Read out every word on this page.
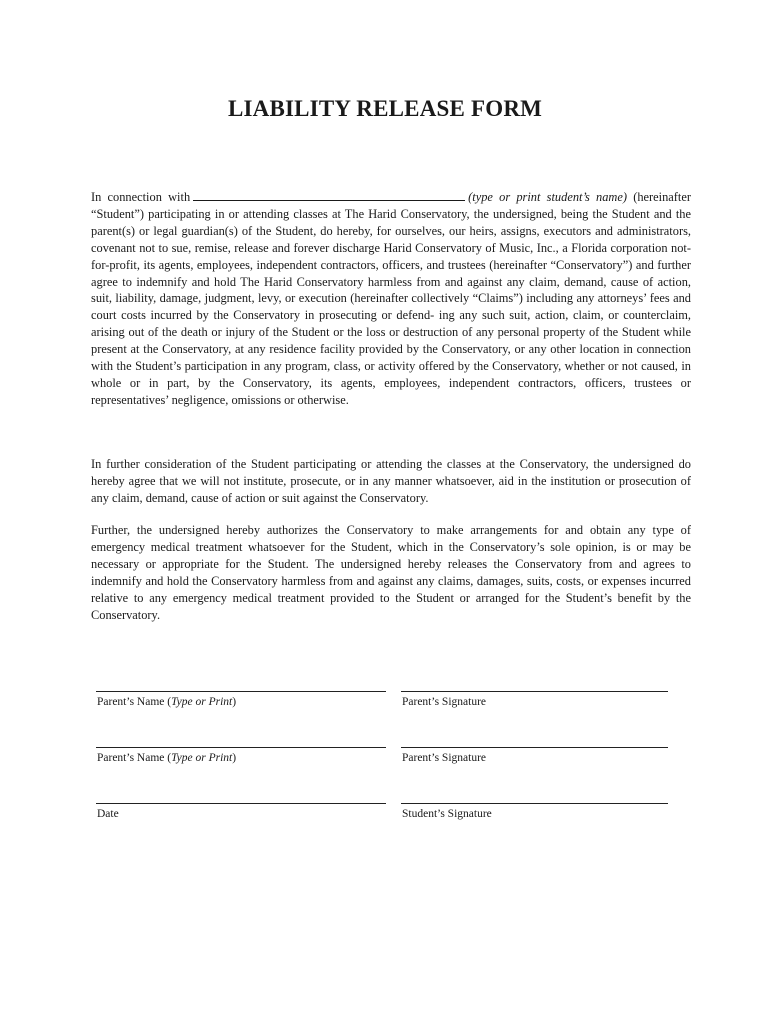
LIABILITY RELEASE FORM

In connection with	(type or print student’s name) (hereinafter “Student”) participating in or attending classes at The Harid Conservatory, the undersigned, being the Student and the parent(s) or legal guardian(s) of the Student, do hereby, for ourselves, our heirs, assigns, executors and administrators, covenant not to sue, remise, release and forever discharge Harid Conservatory of Music, Inc., a Florida corporation not-for-profit, its agents, employees, independent contractors, officers, and trustees (hereinafter “Conservatory”) and further agree to indemnify and hold The Harid Conservatory harmless from and against any claim, demand, cause of action, suit, liability, damage, judgment, levy, or execution (hereinafter collectively “Claims”) including any attorneys’ fees and court costs incurred by the Conservatory in prosecuting or defend- ing any such suit, action, claim, or counterclaim, arising out of the death or injury of the Student or the loss or destruction of any personal property of the Student while present at the Conservatory, at any residence facility provided by the Conservatory, or any other location in connection with the Student’s participation in any program, class, or activity offered by the Conservatory, whether or not caused, in whole or in part, by the Conservatory, its agents, employees, independent contractors, officers, trustees or representatives’ negligence, omissions or otherwise.

In further consideration of the Student participating or attending the classes at the Conservatory, the undersigned do hereby agree that we will not institute, prosecute, or in any manner whatsoever, aid in the institution or prosecution of any claim, demand, cause of action or suit against the Conservatory.

Further, the undersigned hereby authorizes the Conservatory to make arrangements for and obtain any type of emergency medical treatment whatsoever for the Student, which in the Conservatory’s sole opinion, is or may be necessary or appropriate for the Student. The undersigned hereby releases the Conservatory from and agrees to indemnify and hold the Conservatory harmless from and against any claims, damages, suits, costs, or expenses incurred relative to any emergency medical treatment provided to the Student or arranged for the Student’s benefit by the Conservatory.

Parent’s Name (Type or Print)	Parent’s Signature
Parent’s Name (Type or Print)	Parent’s Signature
Date	Student’s Signature
